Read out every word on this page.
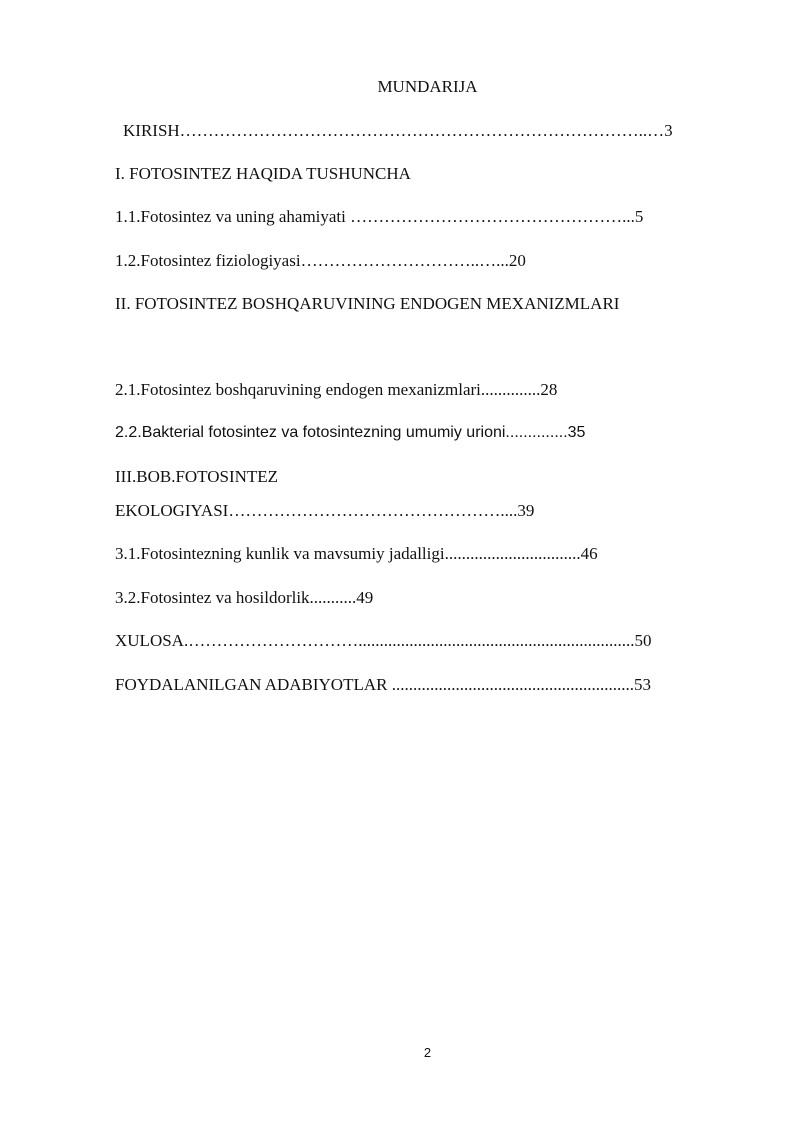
MUNDARIJA
KIRISH………………………………………………………………………..…3
I. FOTOSINTEZ HAQIDA TUSHUNCHA
1.1.Fotosintez va uning ahamiyati …………………………………………...5
1.2.Fotosintez fiziologiyasi…………………………..…...20
II. FOTOSINTEZ BOSHQARUVINING ENDOGEN MEXANIZMLARI
2.1.Fotosintez boshqaruvining endogen mexanizmlari..............28
2.2.Bakterial fotosintez va fotosintezning umumiy urioni..............35
III.BOB.FOTOSINTEZ
EKOLOGIYASI…………………………………………....39
3.1.Fotosintezning kunlik va mavsumiy jadalligi................................46
3.2.Fotosintez va hosildorlik...........49
XULOSA.………………………….................................................................50
FOYDALANILGAN ADABIYOTLAR .........................................................53
2
